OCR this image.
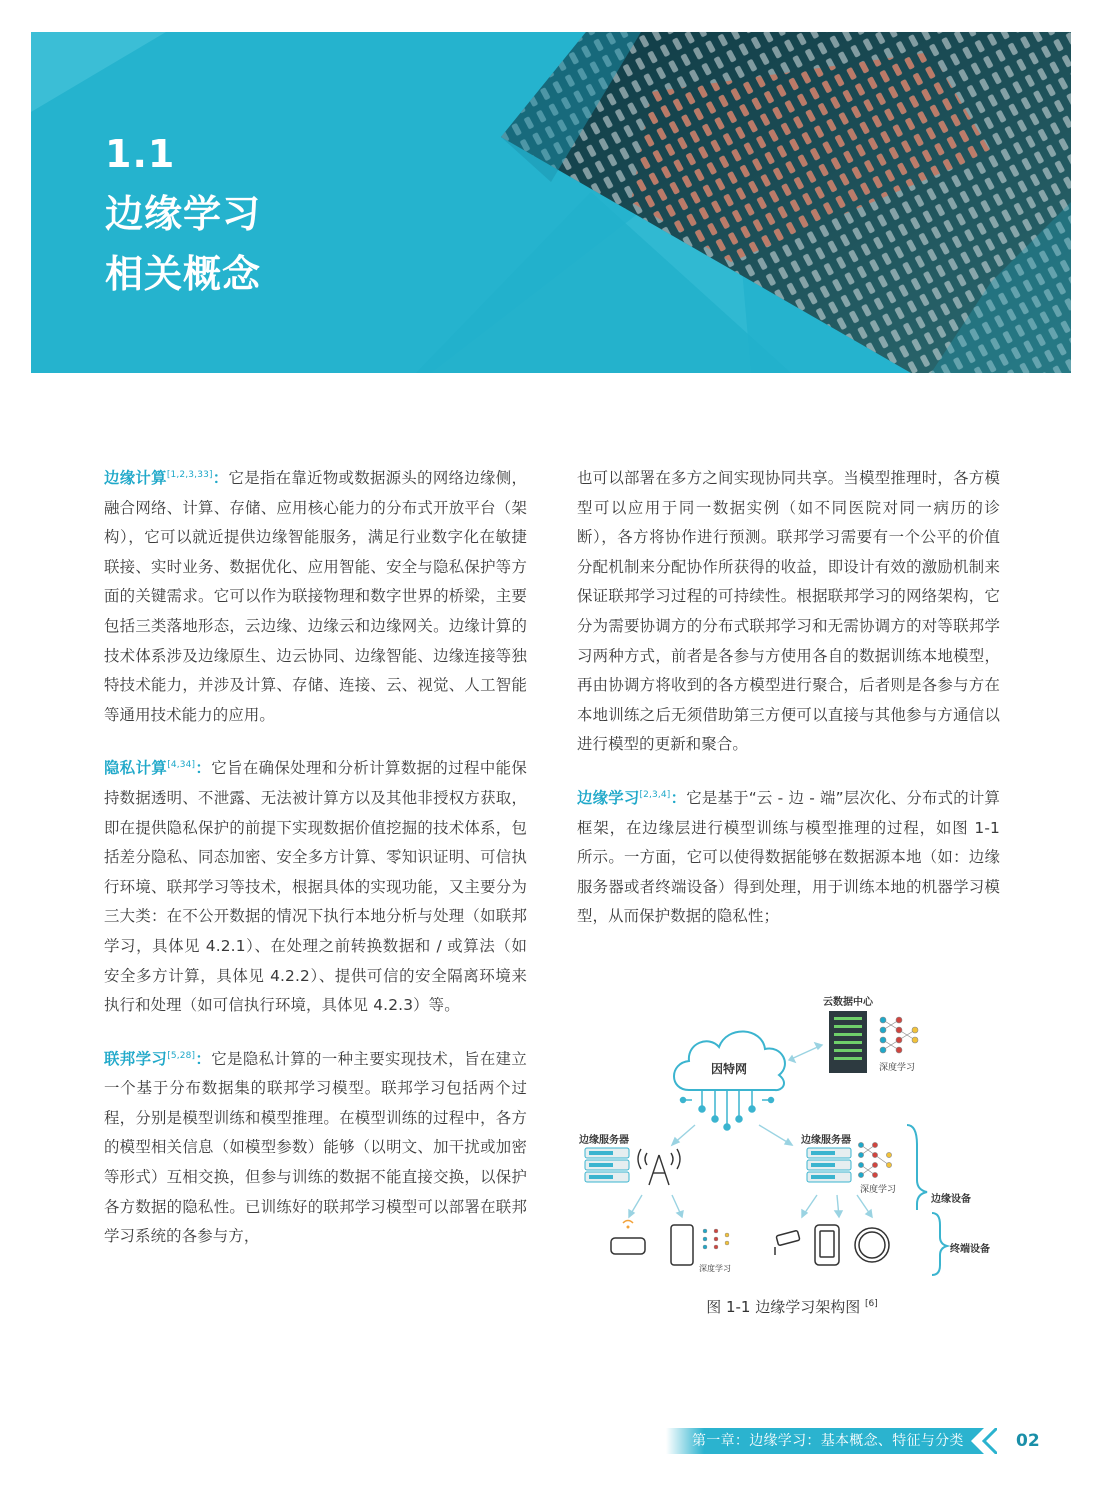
1.1
边缘学习
相关概念

边缘计算[1,2,3,33]：它是指在靠近物或数据源头的网络边缘侧，融合网络、计算、存储、应用核心能力的分布式开放平台（架构），它可以就近提供边缘智能服务，满足行业数字化在敏捷联接、实时业务、数据优化、应用智能、安全与隐私保护等方面的关键需求。它可以作为联接物理和数字世界的桥梁，主要包括三类落地形态，云边缘、边缘云和边缘网关。边缘计算的技术体系涉及边缘原生、边云协同、边缘智能、边缘连接等独特技术能力，并涉及计算、存储、连接、云、视觉、人工智能等通用技术能力的应用。

隐私计算[4,34]：它旨在确保处理和分析计算数据的过程中能保持数据透明、不泄露、无法被计算方以及其他非授权方获取，即在提供隐私保护的前提下实现数据价值挖掘的技术体系，包括差分隐私、同态加密、安全多方计算、零知识证明、可信执行环境、联邦学习等技术，根据具体的实现功能，又主要分为三大类：在不公开数据的情况下执行本地分析与处理（如联邦学习，具体见 4.2.1）、在处理之前转换数据和 / 或算法（如安全多方计算，具体见 4.2.2）、提供可信的安全隔离环境来执行和处理（如可信执行环境，具体见 4.2.3）等。

联邦学习[5,28]：它是隐私计算的一种主要实现技术，旨在建立一个基于分布数据集的联邦学习模型。联邦学习包括两个过程，分别是模型训练和模型推理。在模型训练的过程中，各方的模型相关信息（如模型参数）能够（以明文、加干扰或加密等形式）互相交换，但参与训练的数据不能直接交换，以保护各方数据的隐私性。已训练好的联邦学习模型可以部署在联邦学习系统的各参与方，

也可以部署在多方之间实现协同共享。当模型推理时，各方模型可以应用于同一数据实例（如不同医院对同一病历的诊断），各方将协作进行预测。联邦学习需要有一个公平的价值分配机制来分配协作所获得的收益，即设计有效的激励机制来保证联邦学习过程的可持续性。根据联邦学习的网络架构，它分为需要协调方的分布式联邦学习和无需协调方的对等联邦学习两种方式，前者是各参与方使用各自的数据训练本地模型，再由协调方将收到的各方模型进行聚合，后者则是各参与方在本地训练之后无须借助第三方便可以直接与其他参与方通信以进行模型的更新和聚合。

边缘学习[2,3,4]：它是基于“云 - 边 - 端”层次化、分布式的计算框架，在边缘层进行模型训练与模型推理的过程，如图 1-1 所示。一方面，它可以使得数据能够在数据源本地（如：边缘服务器或者终端设备）得到处理，用于训练本地的机器学习模型，从而保护数据的隐私性；

云数据中心
因特网	深度学习
边缘服务器	边缘服务器
深度学习
边缘设备
终端设备
深度学习
图 1-1 边缘学习架构图 [6]
第一章：边缘学习：基本概念、特征与分类	02
